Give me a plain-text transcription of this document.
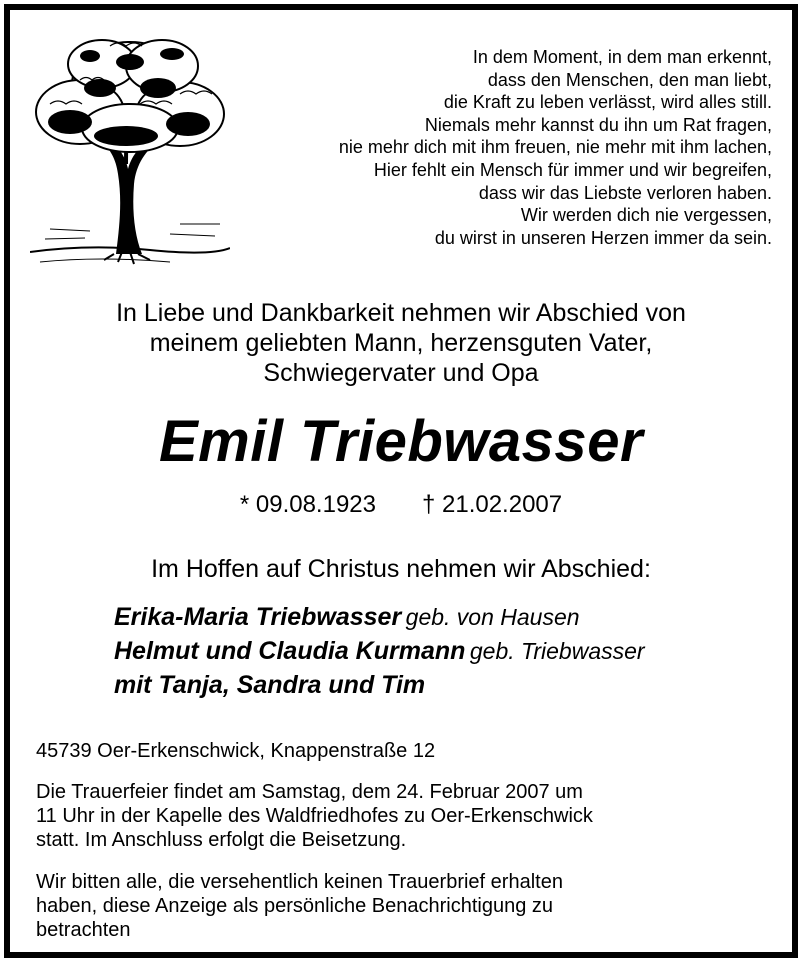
In dem Moment, in dem man erkennt,
dass den Menschen, den man liebt,
die Kraft zu leben verlässt, wird alles still.
Niemals mehr kannst du ihn um Rat fragen,
nie mehr dich mit ihm freuen, nie mehr mit ihm lachen,
Hier fehlt ein Mensch für immer und wir begreifen,
dass wir das Liebste verloren haben.
Wir werden dich nie vergessen,
du wirst in unseren Herzen immer da sein.
In Liebe und Dankbarkeit nehmen wir Abschied von
meinem geliebten Mann, herzensguten Vater,
Schwiegervater und Opa
Emil Triebwasser
* 09.08.1923 † 21.02.2007
Im Hoffen auf Christus nehmen wir Abschied:
Erika-Maria Triebwasser geb. von Hausen
Helmut und Claudia Kurmann geb. Triebwasser
mit Tanja, Sandra und Tim
45739 Oer-Erkenschwick, Knappenstraße 12
Die Trauerfeier findet am Samstag, dem 24. Februar 2007 um
11 Uhr in der Kapelle des Waldfriedhofes zu Oer-Erkenschwick
statt. Im Anschluss erfolgt die Beisetzung.
Wir bitten alle, die versehentlich keinen Trauerbrief erhalten
haben, diese Anzeige als persönliche Benachrichtigung zu
betrachten
